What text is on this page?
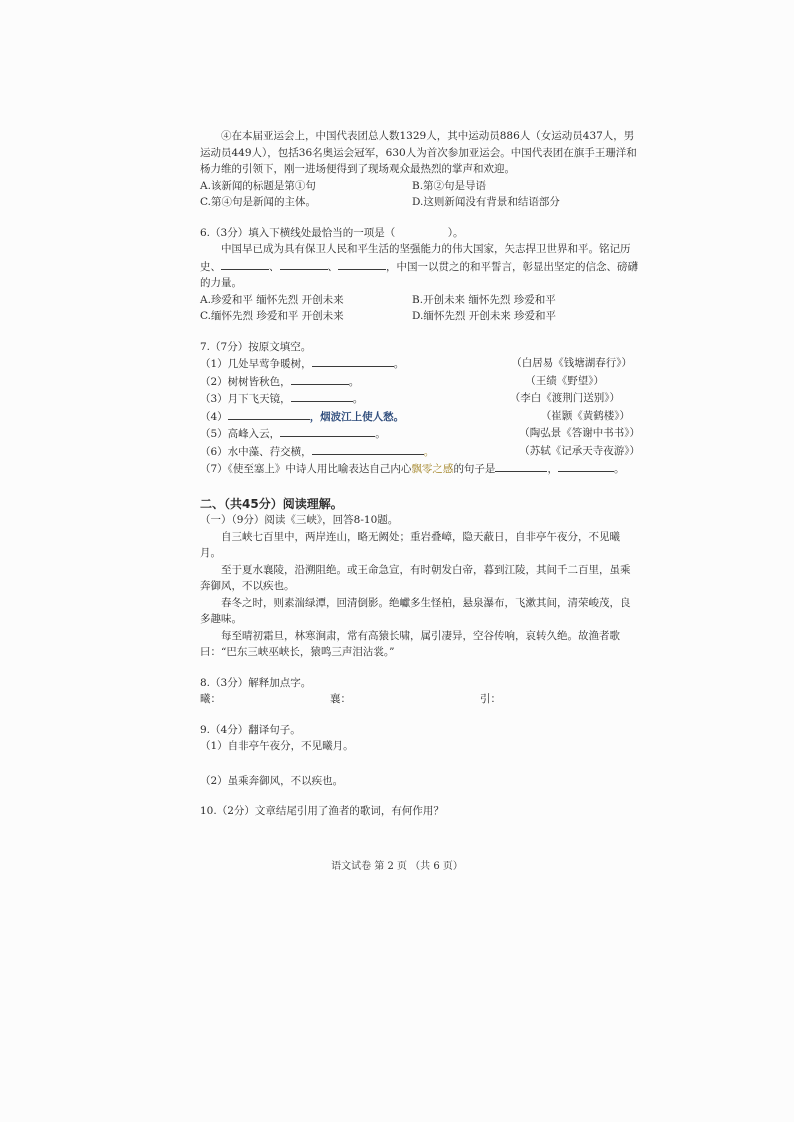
④在本届亚运会上，中国代表团总人数1329人，其中运动员886人（女运动员437人，男运动员449人），包括36名奥运会冠军，630人为首次参加亚运会。中国代表团在旗手王珊洋和杨力维的引领下，刚一进场便得到了现场观众最热烈的掌声和欢迎。

A.该新闻的标题是第①句	B.第②句是导语
C.第④句是新闻的主体。	D.这则新闻没有背景和结语部分

6.（3分）填入下横线处最恰当的一项是（　　　　　）。

中国早已成为具有保卫人民和平生活的坚强能力的伟大国家，矢志捍卫世界和平。铭记历史、	、	、	，中国一以贯之的和平誓言，彰显出坚定的信念、磅礴的力量。

A.珍爱和平 缅怀先烈 开创未来	B.开创未来 缅怀先烈 珍爱和平
C.缅怀先烈 珍爱和平 开创未来	D.缅怀先烈 开创未来 珍爱和平

7.（7分）按原文填空。

（1）几处早莺争暖树，	。	（白居易《钱塘湖春行》）
（2）树树皆秋色，	。	（王绩《野望》）
（3）月下飞天镜，	。	（李白《渡荆门送别》）
（4）	，烟波江上使人愁。	（崔颢《黄鹤楼》）
（5）高峰入云，	。	（陶弘景《答谢中书书》）
（6）水中藻、荇交横，	。	（苏轼《记承天寺夜游》）

（7）《使至塞上》中诗人用比喻表达自己内心飘零之感的句子是	，	。

二、（共45分）阅读理解。

（一）（9分）阅读《三峡》，回答8-10题。

自三峡七百里中，两岸连山，略无阙处；重岩叠嶂，隐天蔽日，自非亭午夜分，不见曦月。

至于夏水襄陵，沿溯阻绝。或王命急宣，有时朝发白帝，暮到江陵，其间千二百里，虽乘奔御风，不以疾也。

春冬之时，则素湍绿潭，回清倒影。绝巘多生怪柏，悬泉瀑布，飞漱其间，清荣峻茂，良多趣味。

每至晴初霜旦，林寒涧肃，常有高猿长啸，属引凄异，空谷传响，哀转久绝。故渔者歌曰：“巴东三峡巫峡长，猿鸣三声泪沾裳。”

8.（3分）解释加点字。

曦：	襄：	引：

9.（4分）翻译句子。

（1）自非亭午夜分，不见曦月。

（2）虽乘奔御风，不以疾也。

10.（2分）文章结尾引用了渔者的歌词，有何作用？

语文试卷 第 2 页 （共 6 页）
